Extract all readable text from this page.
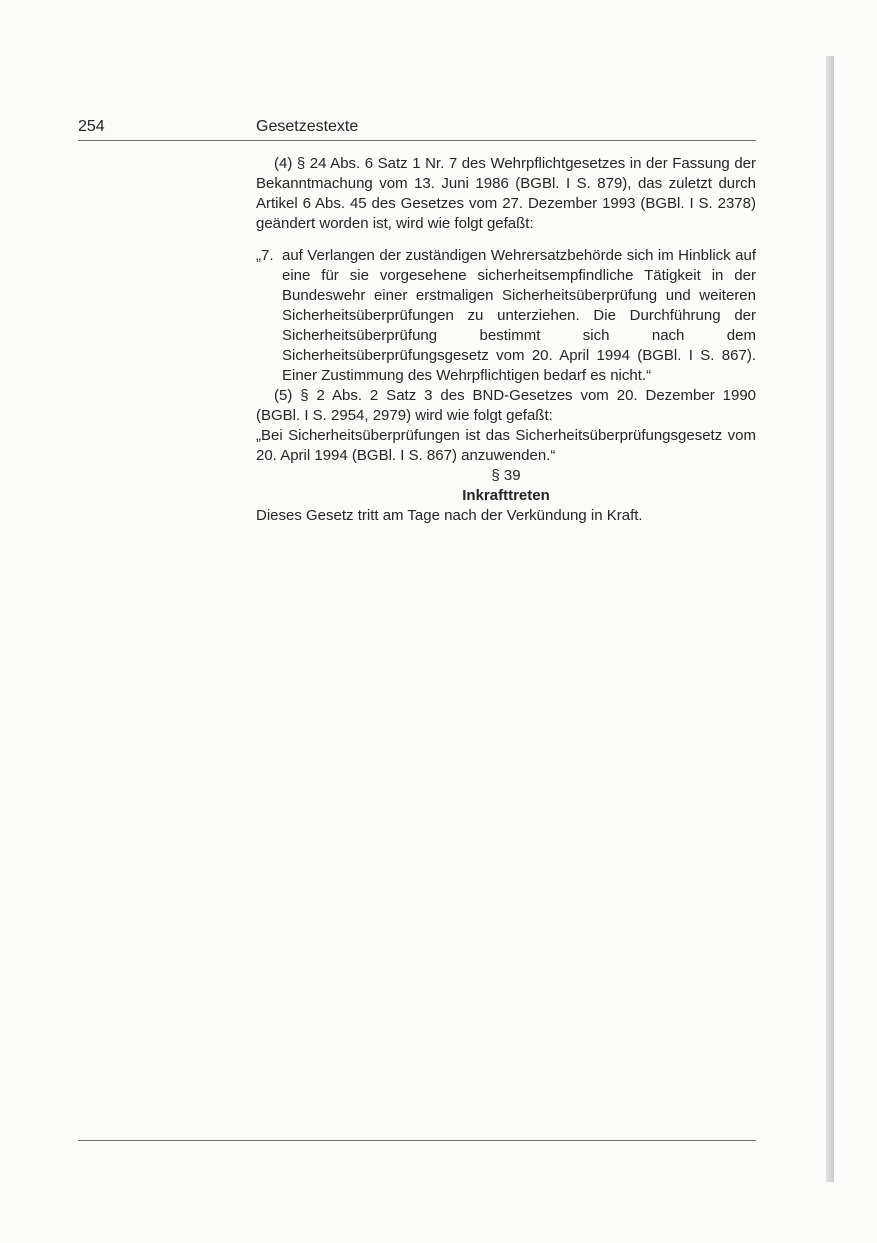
254	Gesetzestexte

(4) § 24 Abs. 6 Satz 1 Nr. 7 des Wehrpflichtgesetzes in der Fassung der Bekanntmachung vom 13. Juni 1986 (BGBl. I S. 879), das zuletzt durch Artikel 6 Abs. 45 des Gesetzes vom 27. Dezember 1993 (BGBl. I S. 2378) geändert worden ist, wird wie folgt gefaßt:

„7. auf Verlangen der zuständigen Wehrersatzbehörde sich im Hinblick auf eine für sie vorgesehene sicherheitsempfindliche Tätigkeit in der Bundeswehr einer erstmaligen Sicherheitsüberprüfung und weiteren Sicherheitsüberprüfungen zu unterziehen. Die Durchführung der Sicherheitsüberprüfung bestimmt sich nach dem Sicherheitsüberprüfungsgesetz vom 20. April 1994 (BGBl. I S. 867). Einer Zustimmung des Wehrpflichtigen bedarf es nicht.“

(5) § 2 Abs. 2 Satz 3 des BND-Gesetzes vom 20. Dezember 1990 (BGBl. I S. 2954, 2979) wird wie folgt gefaßt:

„Bei Sicherheitsüberprüfungen ist das Sicherheitsüberprüfungsgesetz vom 20. April 1994 (BGBl. I S. 867) anzuwenden.“

§ 39

Inkrafttreten

Dieses Gesetz tritt am Tage nach der Verkündung in Kraft.
